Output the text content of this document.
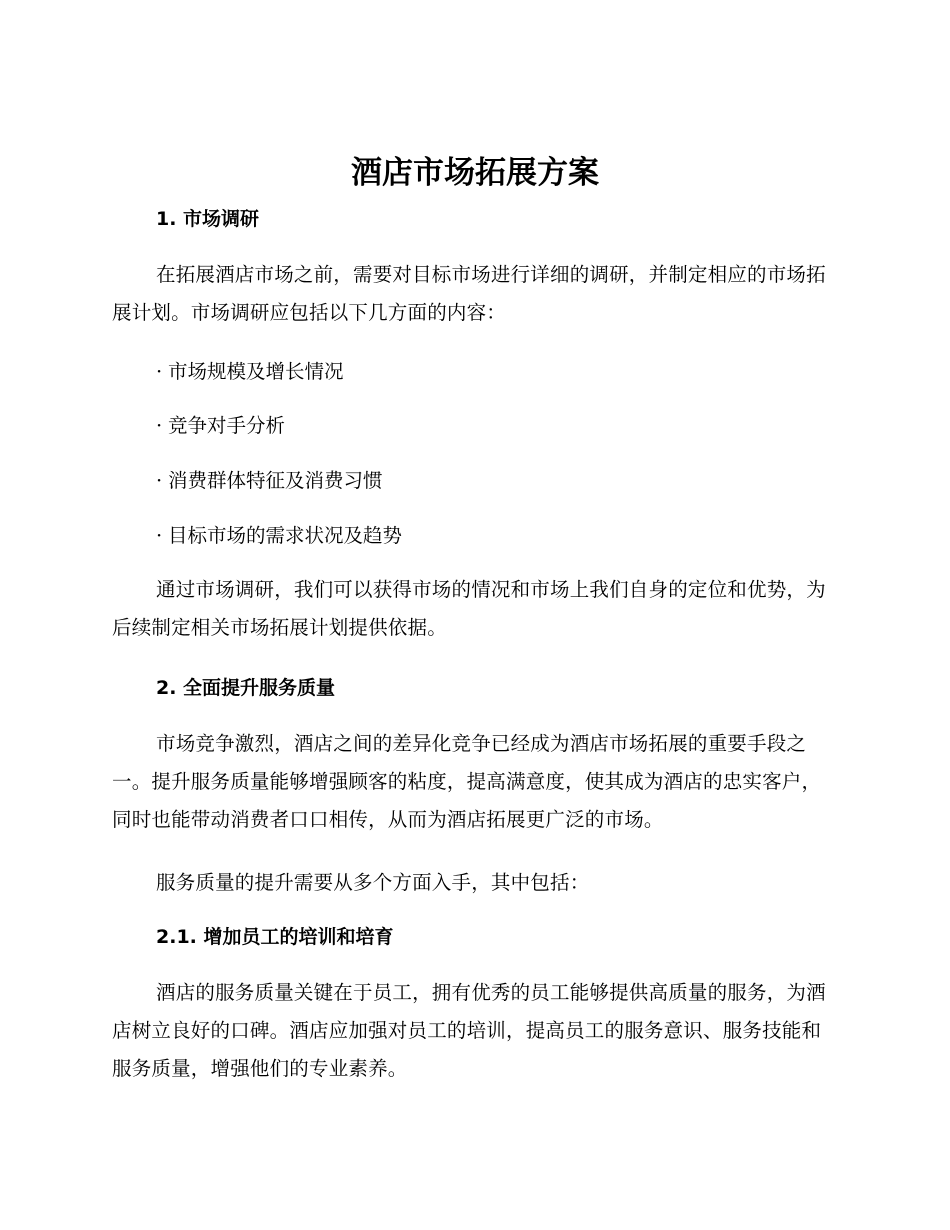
酒店市场拓展方案
1. 市场调研

在拓展酒店市场之前，需要对目标市场进行详细的调研，并制定相应的市场拓展计划。市场调研应包括以下几方面的内容：

· 市场规模及增长情况

· 竞争对手分析

· 消费群体特征及消费习惯

· 目标市场的需求状况及趋势

通过市场调研，我们可以获得市场的情况和市场上我们自身的定位和优势，为后续制定相关市场拓展计划提供依据。

2. 全面提升服务质量

市场竞争激烈，酒店之间的差异化竞争已经成为酒店市场拓展的重要手段之一。提升服务质量能够增强顾客的粘度，提高满意度，使其成为酒店的忠实客户，同时也能带动消费者口口相传，从而为酒店拓展更广泛的市场。

服务质量的提升需要从多个方面入手，其中包括：

2.1. 增加员工的培训和培育

酒店的服务质量关键在于员工，拥有优秀的员工能够提供高质量的服务，为酒店树立良好的口碑。酒店应加强对员工的培训，提高员工的服务意识、服务技能和服务质量，增强他们的专业素养。
